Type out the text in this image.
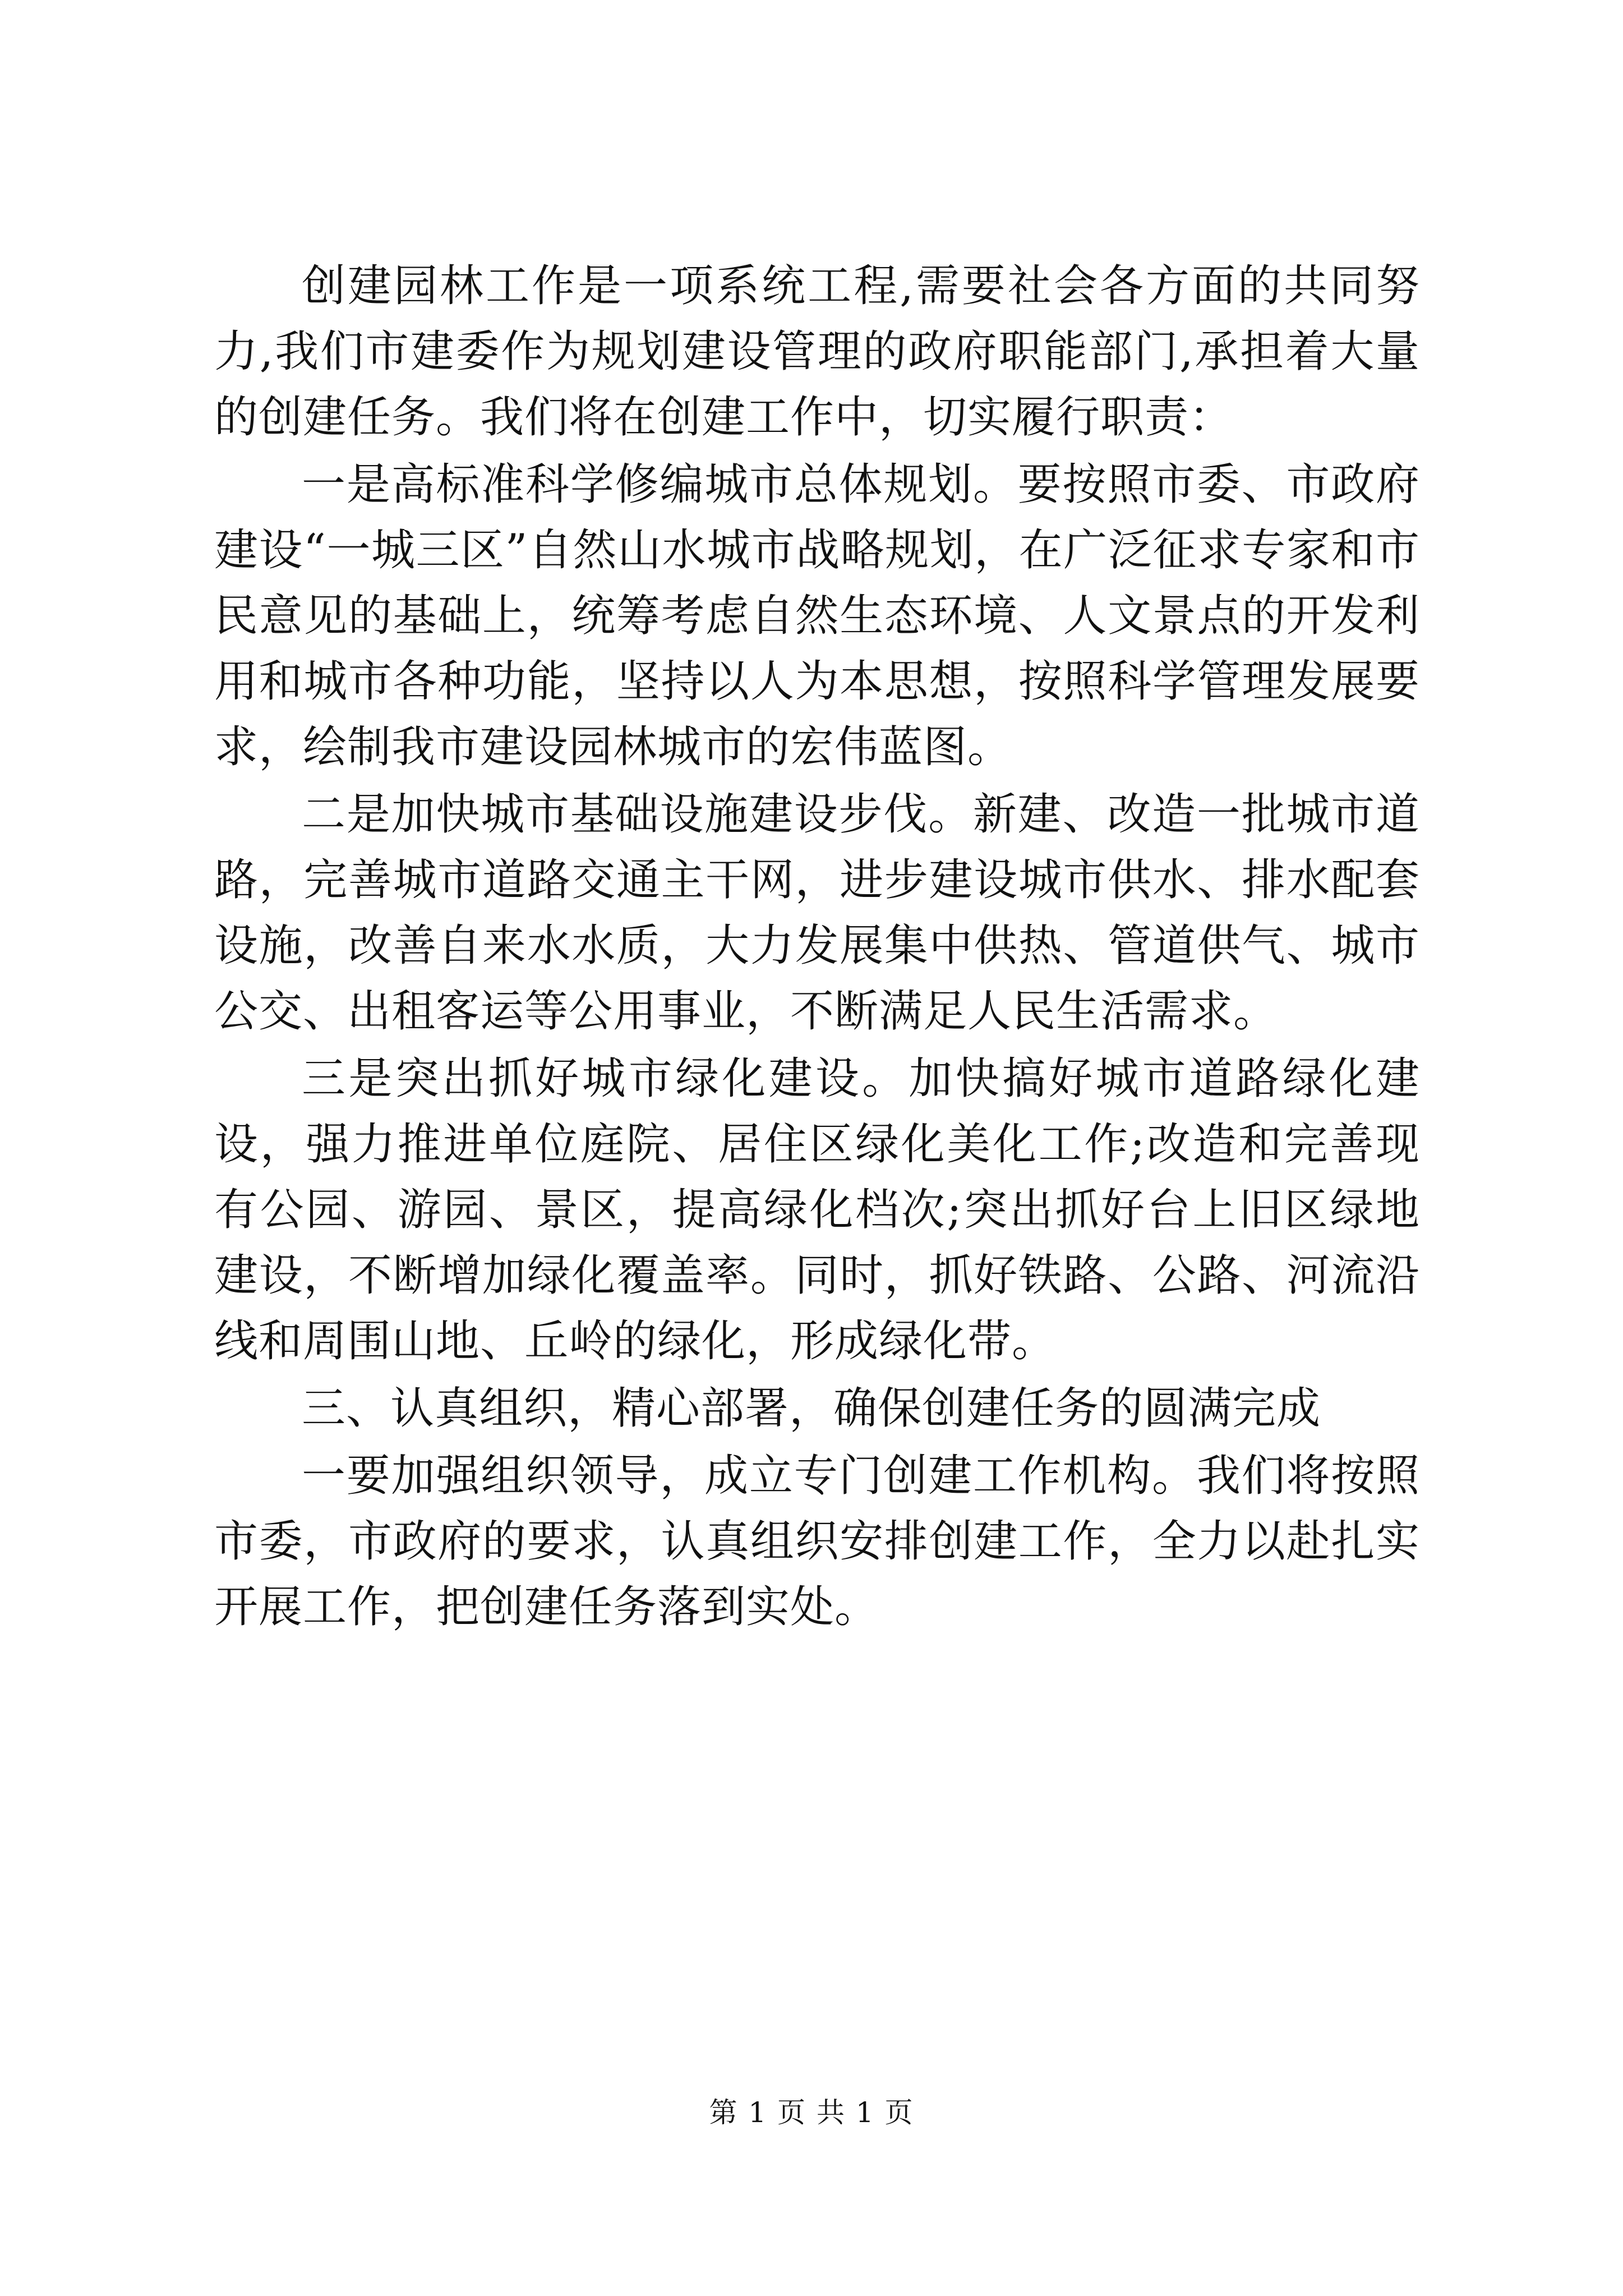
创建园林工作是一项系统工程,需要社会各方面的共同努力,我们市建委作为规划建设管理的政府职能部门,承担着大量的创建任务。我们将在创建工作中，切实履行职责：

一是高标准科学修编城市总体规划。要按照市委、市政府建设“一城三区”自然山水城市战略规划，在广泛征求专家和市民意见的基础上，统筹考虑自然生态环境、人文景点的开发利用和城市各种功能，坚持以人为本思想，按照科学管理发展要求，绘制我市建设园林城市的宏伟蓝图。

二是加快城市基础设施建设步伐。新建、改造一批城市道路，完善城市道路交通主干网，进步建设城市供水、排水配套设施，改善自来水水质，大力发展集中供热、管道供气、城市公交、出租客运等公用事业，不断满足人民生活需求。

三是突出抓好城市绿化建设。加快搞好城市道路绿化建设，强力推进单位庭院、居住区绿化美化工作;改造和完善现有公园、游园、景区，提高绿化档次;突出抓好台上旧区绿地建设，不断增加绿化覆盖率。同时，抓好铁路、公路、河流沿线和周围山地、丘岭的绿化，形成绿化带。

三、认真组织，精心部署，确保创建任务的圆满完成

一要加强组织领导，成立专门创建工作机构。我们将按照市委，市政府的要求，认真组织安排创建工作，全力以赴扎实开展工作，把创建任务落到实处。

第 1 页 共 1 页
